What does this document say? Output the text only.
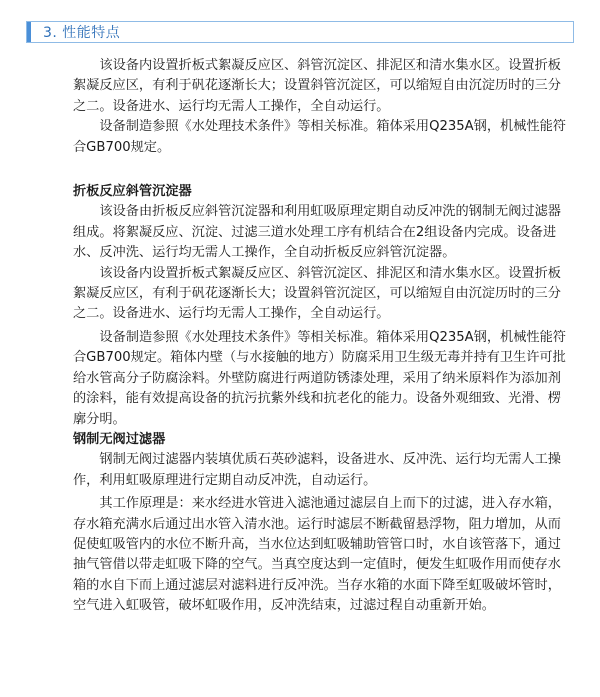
3. 性能特点

该设备内设置折板式絮凝反应区、斜管沉淀区、排泥区和清水集水区。设置折板絮凝反应区，有利于矾花逐渐长大；设置斜管沉淀区，可以缩短自由沉淀历时的三分之二。设备进水、运行均无需人工操作，全自动运行。

设备制造参照《水处理技术条件》等相关标准。箱体采用Q235A钢，机械性能符合GB700规定。

折板反应斜管沉淀器

该设备由折板反应斜管沉淀器和利用虹吸原理定期自动反冲洗的钢制无阀过滤器组成。将絮凝反应、沉淀、过滤三道水处理工序有机结合在2组设备内完成。设备进水、反冲洗、运行均无需人工操作，全自动折板反应斜管沉淀器。

该设备内设置折板式絮凝反应区、斜管沉淀区、排泥区和清水集水区。设置折板絮凝反应区，有利于矾花逐渐长大；设置斜管沉淀区，可以缩短自由沉淀历时的三分之二。设备进水、运行均无需人工操作，全自动运行。

设备制造参照《水处理技术条件》等相关标准。箱体采用Q235A钢，机械性能符合GB700规定。箱体内壁（与水接触的地方）防腐采用卫生级无毒并持有卫生许可批给水管高分子防腐涂料。外壁防腐进行两道防锈漆处理，采用了纳米原料作为添加剂的涂料，能有效提高设备的抗污抗紫外线和抗老化的能力。设备外观细致、光滑、楞廓分明。

钢制无阀过滤器

钢制无阀过滤器内装填优质石英砂滤料，设备进水、反冲洗、运行均无需人工操作，利用虹吸原理进行定期自动反冲洗，自动运行。

其工作原理是：来水经进水管进入滤池通过滤层自上而下的过滤，进入存水箱，存水箱充满水后通过出水管入清水池。运行时滤层不断截留悬浮物，阻力增加，从而促使虹吸管内的水位不断升高，当水位达到虹吸辅助管管口时，水自该管落下，通过抽气管借以带走虹吸下降的空气。当真空度达到一定值时，便发生虹吸作用而使存水箱的水自下而上通过滤层对滤料进行反冲洗。当存水箱的水面下降至虹吸破坏管时，空气进入虹吸管，破坏虹吸作用，反冲洗结束，过滤过程自动重新开始。
